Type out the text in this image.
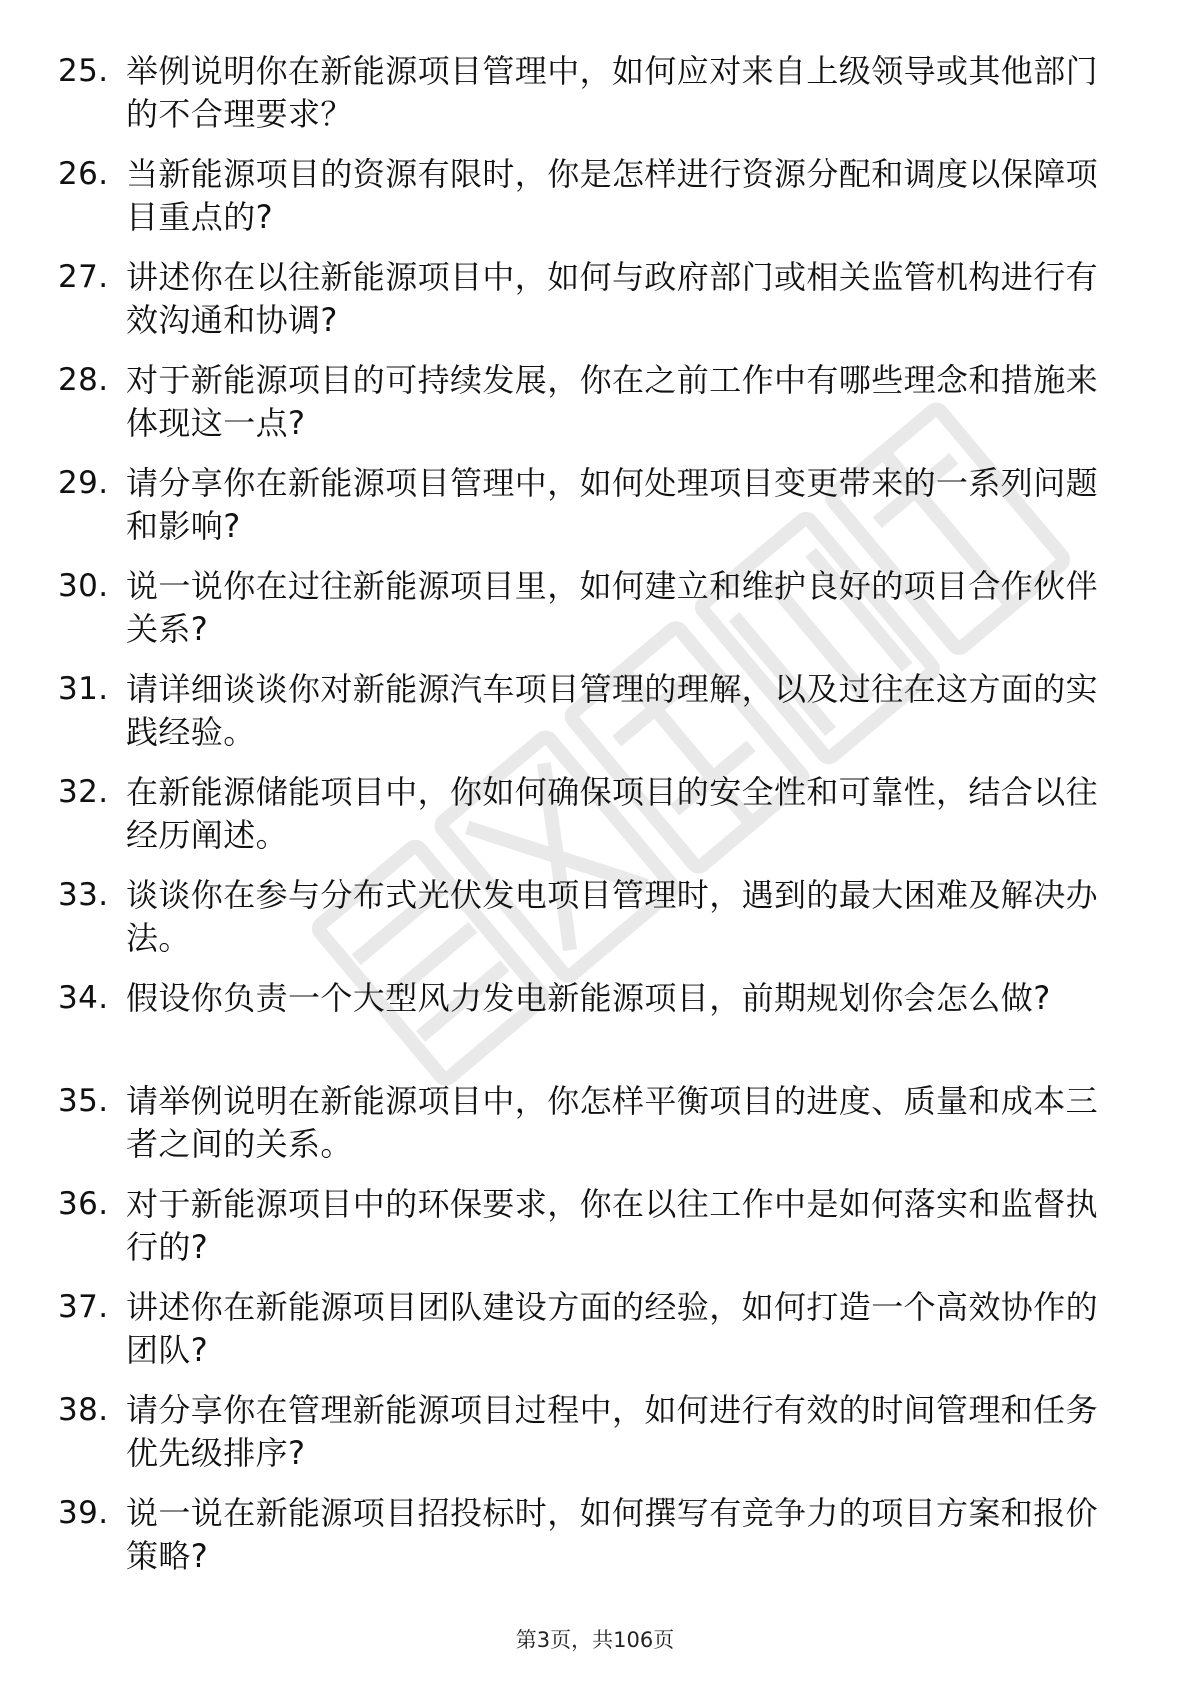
25. 举例说明你在新能源项目管理中，如何应对来自上级领导或其他部门的不合理要求？
26. 当新能源项目的资源有限时，你是怎样进行资源分配和调度以保障项目重点的?
27. 讲述你在以往新能源项目中，如何与政府部门或相关监管机构进行有效沟通和协调?
28. 对于新能源项目的可持续发展，你在之前工作中有哪些理念和措施来体现这一点?
29. 请分享你在新能源项目管理中，如何处理项目变更带来的一系列问题和影响?
30. 说一说你在过往新能源项目里，如何建立和维护良好的项目合作伙伴关系?
31. 请详细谈谈你对新能源汽车项目管理的理解，以及过往在这方面的实践经验。
32. 在新能源储能项目中，你如何确保项目的安全性和可靠性，结合以往经历阐述。
33. 谈谈你在参与分布式光伏发电项目管理时，遇到的最大困难及解决办法。
34. 假设你负责一个大型风力发电新能源项目，前期规划你会怎么做?
35. 请举例说明在新能源项目中，你怎样平衡项目的进度、质量和成本三者之间的关系。
36. 对于新能源项目中的环保要求，你在以往工作中是如何落实和监督执行的?
37. 讲述你在新能源项目团队建设方面的经验，如何打造一个高效协作的团队?
38. 请分享你在管理新能源项目过程中，如何进行有效的时间管理和任务优先级排序?
39. 说一说在新能源项目招投标时，如何撰写有竞争力的项目方案和报价策略?
第3页，共106页
